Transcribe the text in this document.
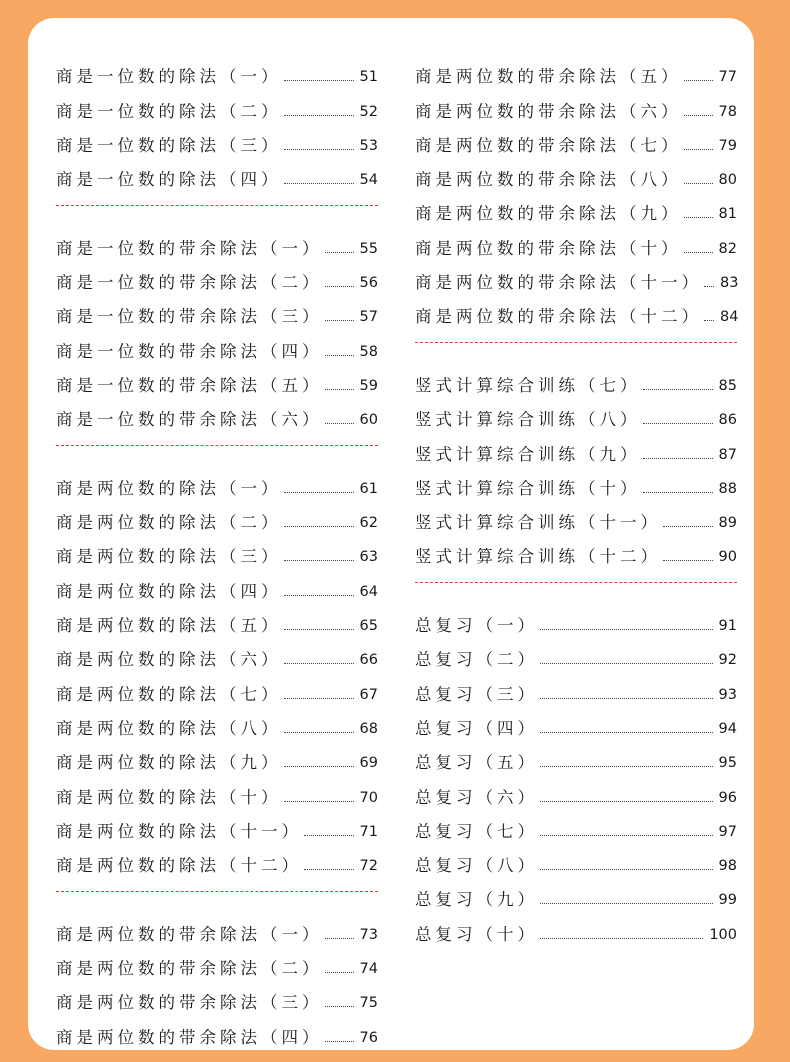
商是一位数的除法（一）	51
商是一位数的除法（二）	52
商是一位数的除法（三）	53
商是一位数的除法（四）	54
商是一位数的带余除法（一）	55
商是一位数的带余除法（二）	56
商是一位数的带余除法（三）	57
商是一位数的带余除法（四）	58
商是一位数的带余除法（五）	59
商是一位数的带余除法（六）	60
商是两位数的除法（一）	61
商是两位数的除法（二）	62
商是两位数的除法（三）	63
商是两位数的除法（四）	64
商是两位数的除法（五）	65
商是两位数的除法（六）	66
商是两位数的除法（七）	67
商是两位数的除法（八）	68
商是两位数的除法（九）	69
商是两位数的除法（十）	70
商是两位数的除法（十一）	71
商是两位数的除法（十二）	72
商是两位数的带余除法（一）	73
商是两位数的带余除法（二）	74
商是两位数的带余除法（三）	75
商是两位数的带余除法（四）	76
商是两位数的带余除法（五）	77
商是两位数的带余除法（六）	78
商是两位数的带余除法（七）	79
商是两位数的带余除法（八）	80
商是两位数的带余除法（九）	81
商是两位数的带余除法（十）	82
商是两位数的带余除法（十一） 83
商是两位数的带余除法（十二） 84
竖式计算综合训练（七）	85
竖式计算综合训练（八）	86
竖式计算综合训练（九）	87
竖式计算综合训练（十）	88
竖式计算综合训练（十一）	89
竖式计算综合训练（十二）	90
总复习（一）	91
总复习（二）	92
总复习（三）	93
总复习（四）	94
总复习（五）	95
总复习（六）	96
总复习（七）	97
总复习（八）	98
总复习（九）	99
总复习（十）	100
